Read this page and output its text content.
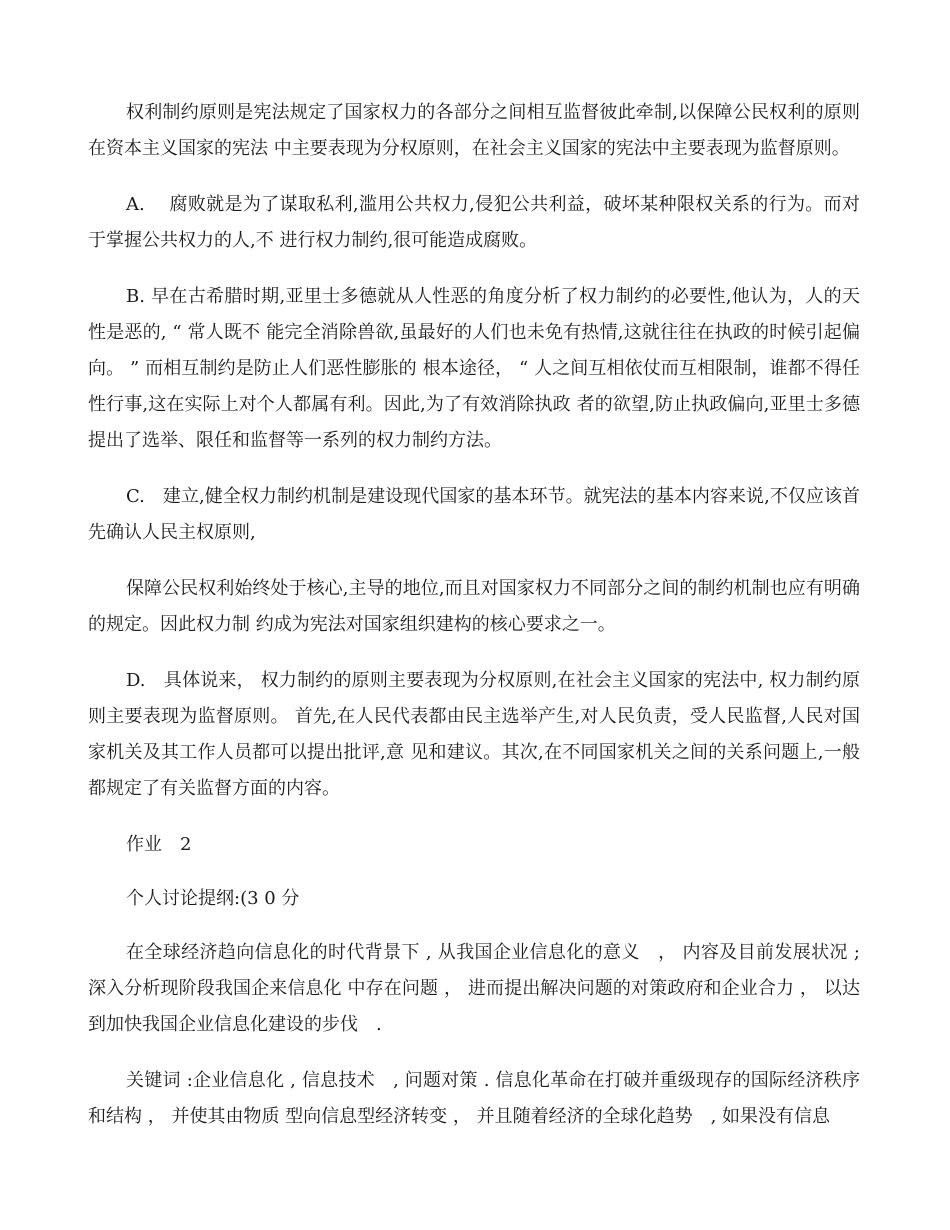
权利制约原则是宪法规定了国家权力的各部分之间相互监督彼此牵制,以保障公民权利的原则在资本主义国家的宪法 中主要表现为分权原则，在社会主义国家的宪法中主要表现为监督原则。

A.　 腐败就是为了谋取私利,滥用公共权力,侵犯公共利益，破坏某种限权关系的行为。而对于掌握公共权力的人,不 进行权力制约,很可能造成腐败。

B. 早在古希腊时期,亚里士多德就从人性恶的角度分析了权力制约的必要性,他认为，人的天性是恶的, “ 常人既不 能完全消除兽欲,虽最好的人们也未免有热情,这就往往在执政的时候引起偏向。 ” 而相互制约是防止人们恶性膨胀的 根本途径， “ 人之间互相依仗而互相限制，谁都不得任性行事,这在实际上对个人都属有利。因此,为了有效消除执政 者的欲望,防止执政偏向,亚里士多德提出了选举、限任和监督等一系列的权力制约方法。

C.　建立,健全权力制约机制是建设现代国家的基本环节。就宪法的基本内容来说,不仅应该首先确认人民主权原则,

保障公民权利始终处于核心,主导的地位,而且对国家权力不同部分之间的制约机制也应有明确的规定。因此权力制 约成为宪法对国家组织建构的核心要求之一。

D.　具体说来， 权力制约的原则主要表现为分权原则,在社会主义国家的宪法中, 权力制约原则主要表现为监督原则。 首先,在人民代表都由民主选举产生,对人民负责，受人民监督,人民对国家机关及其工作人员都可以提出批评,意 见和建议。其次,在不同国家机关之间的关系问题上,一般都规定了有关监督方面的内容。

作业　2

个人讨论提纲:(3 0 分

在全球经济趋向信息化的时代背景下 , 从我国企业信息化的意义　， 内容及目前发展状况 ; 深入分析现阶段我国企来信息化 中存在问题 ， 进而提出解决问题的对策政府和企业合力 ， 以达到加快我国企业信息化建设的步伐　.

关键词 :企业信息化 , 信息技术　, 问题对策 . 信息化革命在打破并重级现存的国际经济秩序和结构 ， 并使其由物质 型向信息型经济转变 ， 并且随着经济的全球化趋势　, 如果没有信息
